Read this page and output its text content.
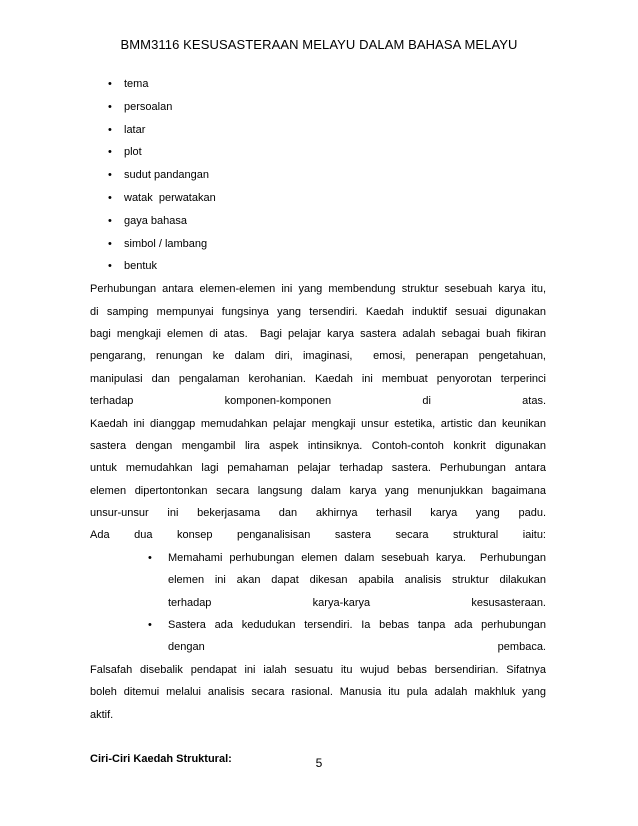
BMM3116 KESUSASTERAAN MELAYU DALAM BAHASA MELAYU
• tema
• persoalan
• latar
• plot
• sudut pandangan
• watak  perwatakan
• gaya bahasa
• simbol / lambang
• bentuk
Perhubungan antara elemen-elemen ini yang membendung struktur sesebuah karya itu,
di samping mempunyai fungsinya yang tersendiri. Kaedah induktif sesuai digunakan
bagi mengkaji elemen di atas.  Bagi pelajar karya sastera adalah sebagai buah fikiran
pengarang, renungan ke dalam diri, imaginasi,  emosi, penerapan pengetahuan,
manipulasi dan pengalaman kerohanian. Kaedah ini membuat penyorotan terperinci
terhadap komponen-komponen di atas.
Kaedah ini dianggap memudahkan pelajar mengkaji unsur estetika, artistic dan keunikan
sastera dengan mengambil lira aspek intinsiknya. Contoh-contoh konkrit digunakan
untuk memudahkan lagi pemahaman pelajar terhadap sastera. Perhubungan antara
elemen dipertontonkan secara langsung dalam karya yang menunjukkan bagaimana
unsur-unsur ini bekerjasama dan akhirnya terhasil karya yang padu.
Ada dua konsep penganalisisan sastera secara struktural iaitu:
• Memahami perhubungan elemen dalam sesebuah karya.  Perhubungan
elemen ini akan dapat dikesan apabila analisis struktur dilakukan
terhadap karya-karya kesusasteraan.
• Sastera ada kedudukan tersendiri. Ia bebas tanpa ada perhubungan
dengan pembaca.
Falsafah disebalik pendapat ini ialah sesuatu itu wujud bebas bersendirian. Sifatnya
boleh ditemui melalui analisis secara rasional. Manusia itu pula adalah makhluk yang
aktif.
Ciri-Ciri Kaedah Struktural:	5
